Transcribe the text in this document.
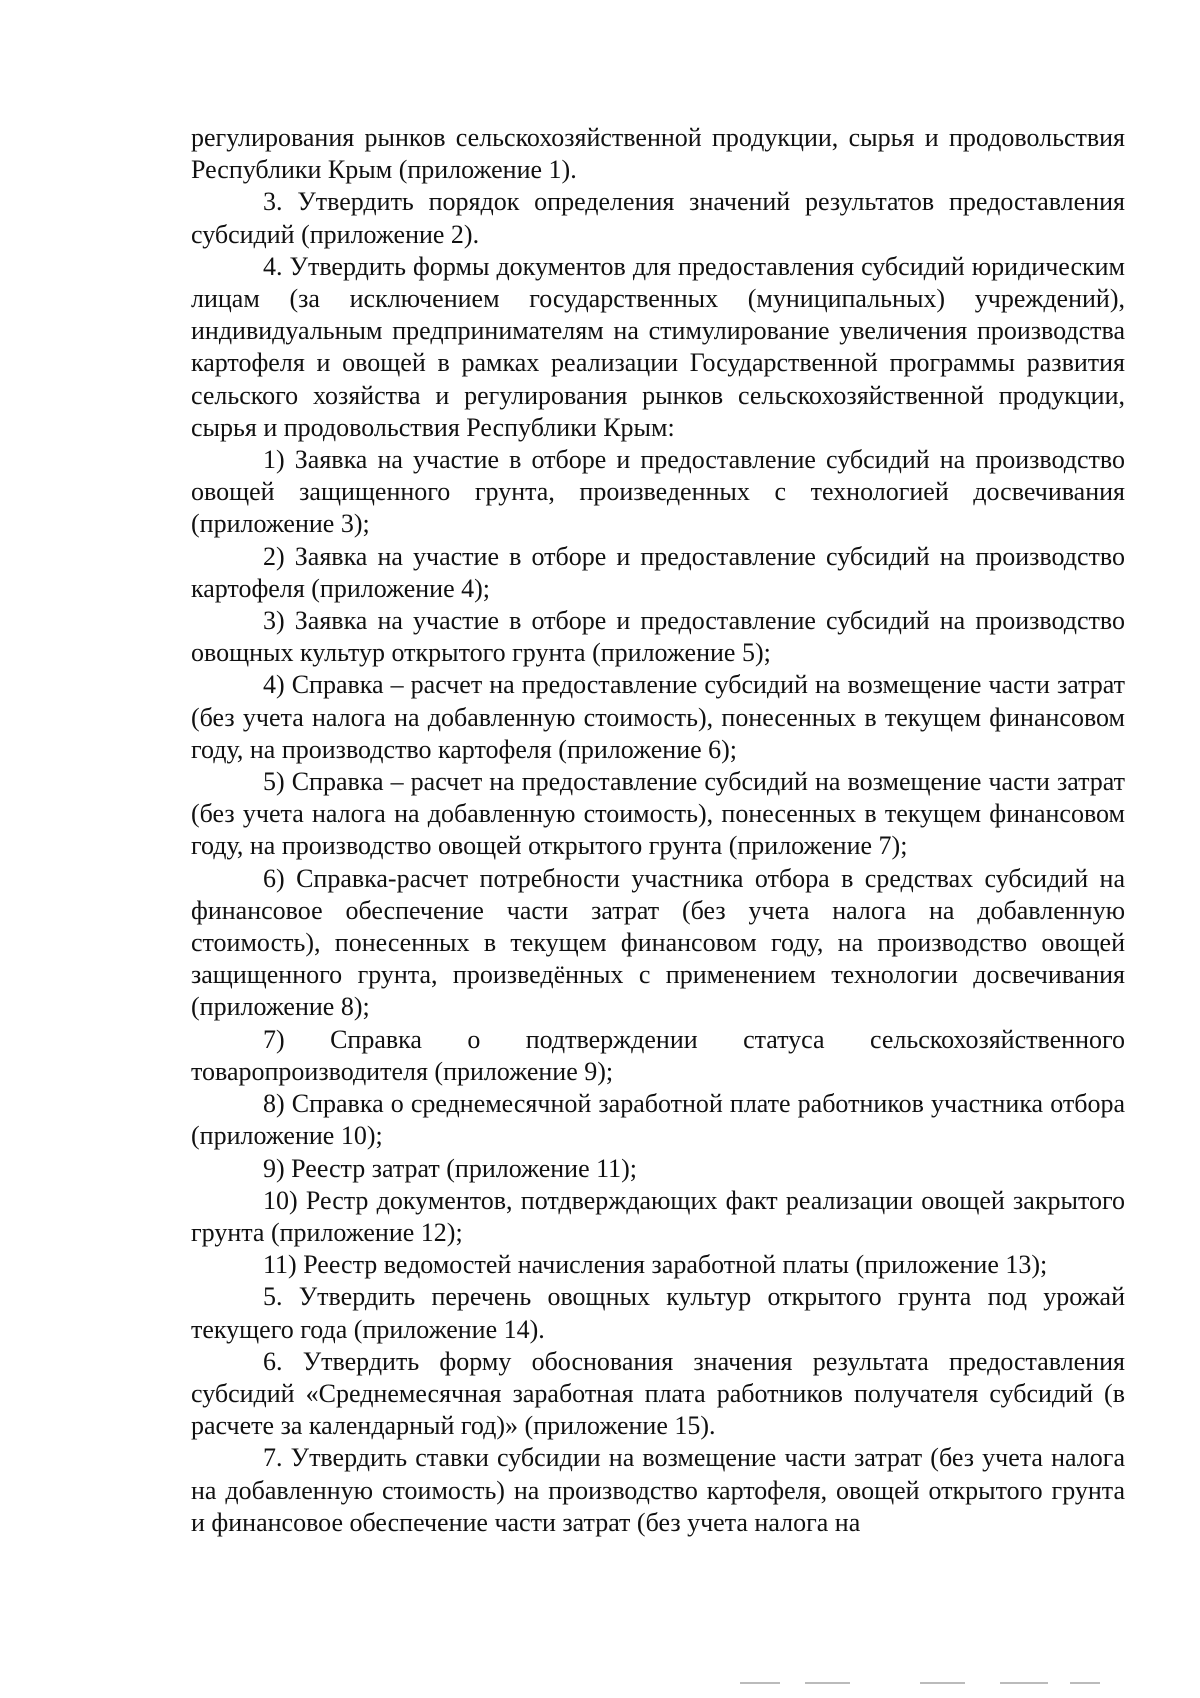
регулирования рынков сельскохозяйственной продукции, сырья и продовольствия Республики Крым (приложение 1).

3. Утвердить порядок определения значений результатов предоставления субсидий (приложение 2).

4. Утвердить формы документов для предоставления субсидий юридическим лицам (за исключением государственных (муниципальных) учреждений), индивидуальным предпринимателям на стимулирование увеличения производства картофеля и овощей в рамках реализации Государственной программы развития сельского хозяйства и регулирования рынков сельскохозяйственной продукции, сырья и продовольствия Республики Крым:

1) Заявка на участие в отборе и предоставление субсидий на производство овощей защищенного грунта, произведенных с технологией досвечивания (приложение 3);

2) Заявка на участие в отборе и предоставление субсидий на производство картофеля (приложение 4);

3) Заявка на участие в отборе и предоставление субсидий на производство овощных культур открытого грунта (приложение 5);

4) Справка – расчет на предоставление субсидий на возмещение части затрат (без учета налога на добавленную стоимость), понесенных в текущем финансовом году, на производство картофеля (приложение 6);

5) Справка – расчет на предоставление субсидий на возмещение части затрат (без учета налога на добавленную стоимость), понесенных в текущем финансовом году, на производство овощей открытого грунта (приложение 7);

6) Справка-расчет потребности участника отбора в средствах субсидий на финансовое обеспечение части затрат (без учета налога на добавленную стоимость), понесенных в текущем финансовом году, на производство овощей защищенного грунта, произведённых с применением технологии досвечивания (приложение 8);

7) Справка о подтверждении статуса сельскохозяйственного товаропроизводителя (приложение 9);

8) Справка о среднемесячной заработной плате работников участника отбора (приложение 10);

9) Реестр затрат (приложение 11);

10) Рестр документов, потдверждающих факт реализации овощей закрытого грунта (приложение 12);

11) Реестр ведомостей начисления заработной платы (приложение 13);

5. Утвердить перечень овощных культур открытого грунта под урожай текущего года (приложение 14).

6. Утвердить форму обоснования значения результата предоставления субсидий «Среднемесячная заработная плата работников получателя субсидий (в расчете за календарный год)» (приложение 15).

7. Утвердить ставки субсидии на возмещение части затрат (без учета налога на добавленную стоимость) на производство картофеля, овощей открытого грунта и финансовое обеспечение части затрат (без учета налога на
